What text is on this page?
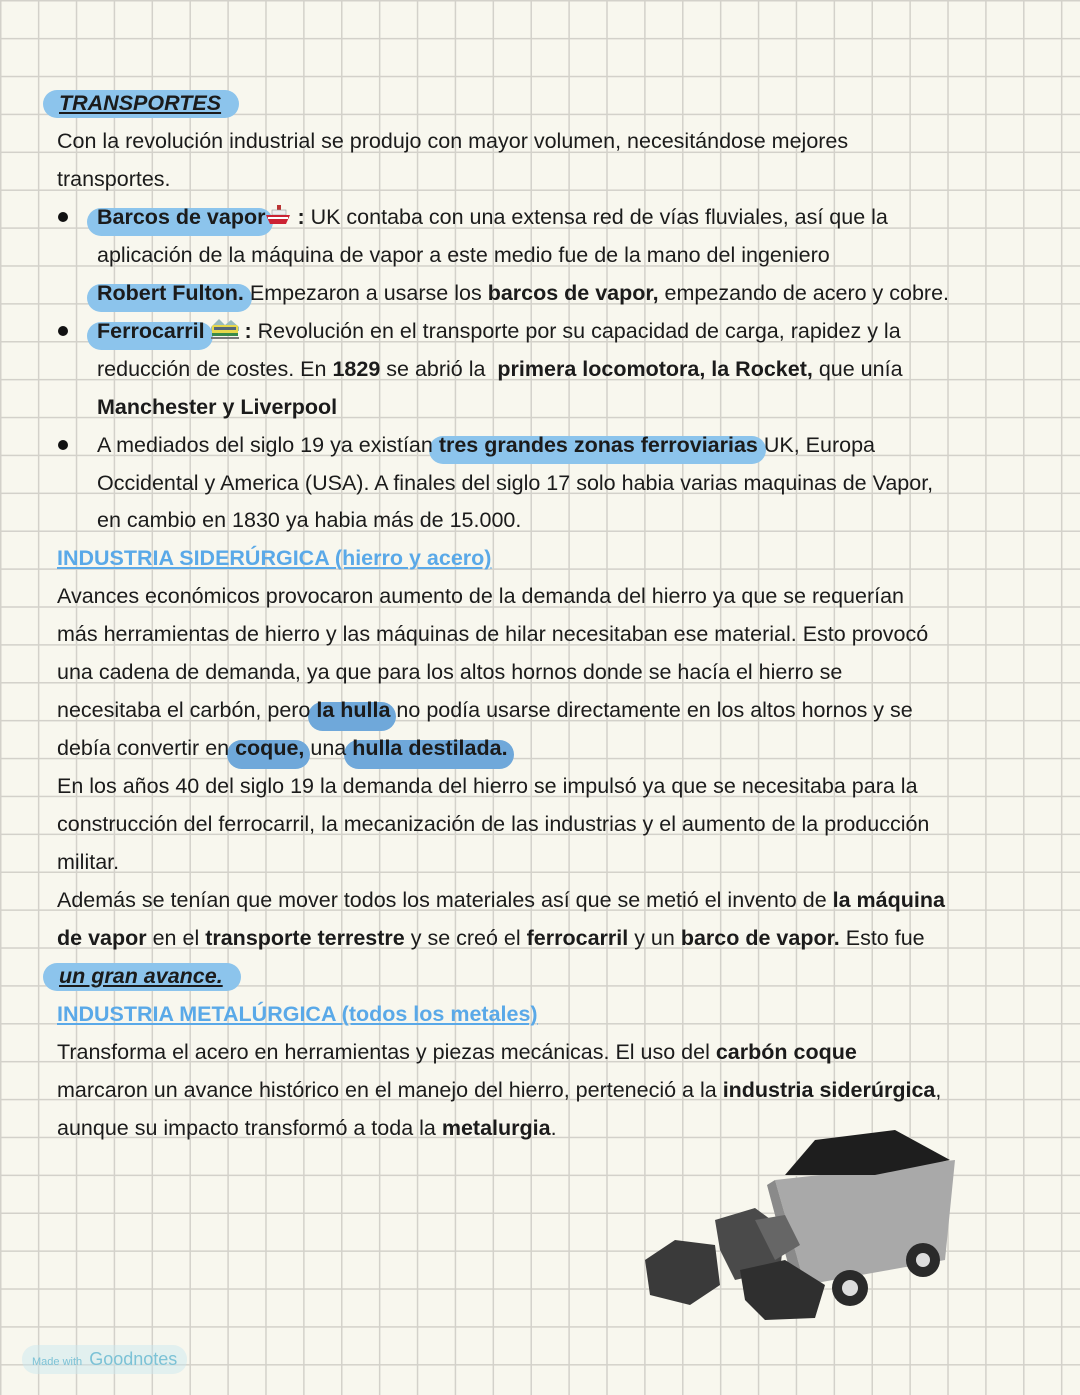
TRANSPORTES
Con la revolución industrial se produjo con mayor volumen, necesitándose mejores
transportes.
Barcos de vapor : UK contaba con una extensa red de vías fluviales, así que la
aplicación de la máquina de vapor a este medio fue de la mano del ingeniero
Robert Fulton. Empezaron a usarse los barcos de vapor, empezando de acero y cobre.
Ferrocarril  : Revolución en el transporte por su capacidad de carga, rapidez y la
reducción de costes. En 1829 se abrió la  primera locomotora, la Rocket, que unía
Manchester y Liverpool
A mediados del siglo 19 ya existían tres grandes zonas ferroviarias UK, Europa
Occidental y America (USA). A finales del siglo 17 solo habia varias maquinas de Vapor,
en cambio en 1830 ya habia más de 15.000.
INDUSTRIA SIDERÚRGICA (hierro y acero)
Avances económicos provocaron aumento de la demanda del hierro ya que se requerían
más herramientas de hierro y las máquinas de hilar necesitaban ese material. Esto provocó
una cadena de demanda, ya que para los altos hornos donde se hacía el hierro se
necesitaba el carbón, pero la hulla no podía usarse directamente en los altos hornos y se
debía convertir en coque, una hulla destilada.
En los años 40 del siglo 19 la demanda del hierro se impulsó ya que se necesitaba para la
construcción del ferrocarril, la mecanización de las industrias y el aumento de la producción
militar.
Además se tenían que mover todos los materiales así que se metió el invento de la máquina
de vapor en el transporte terrestre y se creó el ferrocarril y un barco de vapor. Esto fue
un gran avance.
INDUSTRIA METALÚRGICA (todos los metales)
Transforma el acero en herramientas y piezas mecánicas. El uso del carbón coque
marcaron un avance histórico en el manejo del hierro, perteneció a la industria siderúrgica,
aunque su impacto transformó a toda la metalurgia.
Made with Goodnotes
